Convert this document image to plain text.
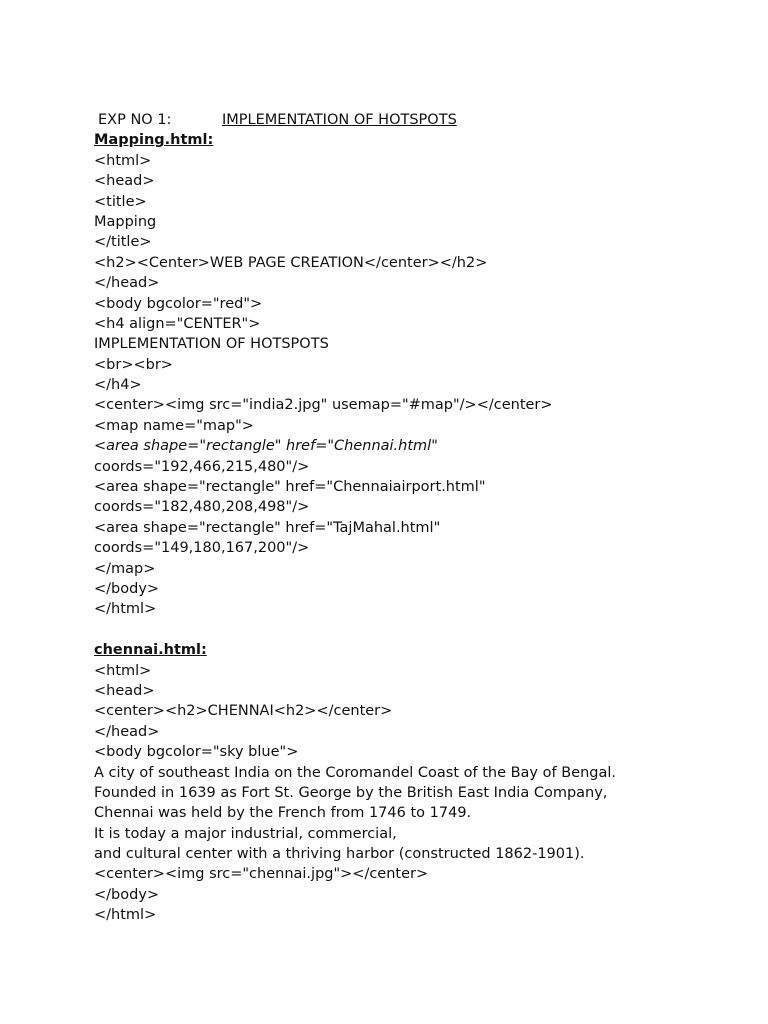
EXP NO 1:	IMPLEMENTATION OF HOTSPOTS
Mapping.html:
<html>
<head>
<title>
Mapping
</title>
<h2><Center>WEB PAGE CREATION</center></h2>
</head>
<body bgcolor="red">
<h4 align="CENTER">
IMPLEMENTATION OF HOTSPOTS
<br><br>
</h4>
<center><img src="india2.jpg" usemap="#map"/></center>
<map name="map">
<area shape="rectangle" href="Chennai.html"
coords="192,466,215,480"/>
<area shape="rectangle" href="Chennaiairport.html"
coords="182,480,208,498"/>
<area shape="rectangle" href="TajMahal.html"
coords="149,180,167,200"/>
</map>
</body>
</html>
chennai.html:
<html>
<head>
<center><h2>CHENNAI<h2></center>
</head>
<body bgcolor="sky blue">
A city of southeast India on the Coromandel Coast of the Bay of Bengal.
Founded in 1639 as Fort St. George by the British East India Company,
Chennai was held by the French from 1746 to 1749.
It is today a major industrial, commercial,
and cultural center with a thriving harbor (constructed 1862-1901).
<center><img src="chennai.jpg"></center>
</body>
</html>
